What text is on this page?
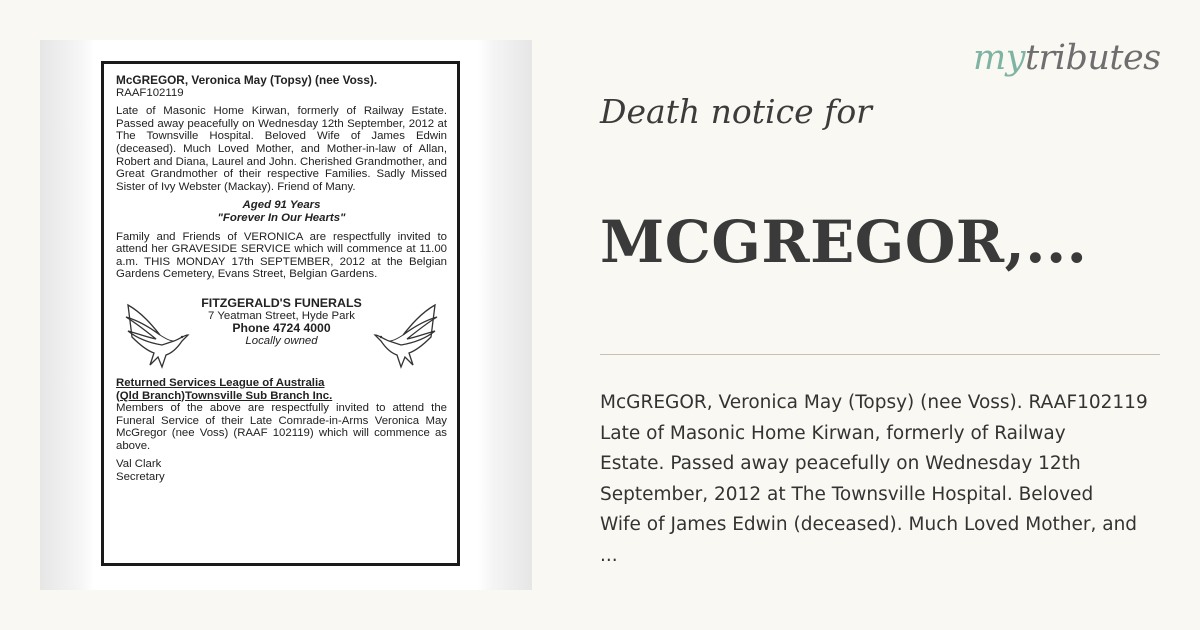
McGREGOR, Veronica May (Topsy) (nee Voss).

RAAF102119

Late of Masonic Home Kirwan, formerly of Railway Estate. Passed away peacefully on Wednesday 12th September, 2012 at The Townsville Hospital. Beloved Wife of James Edwin (deceased). Much Loved Mother, and Mother-in-law of Allan, Robert and Diana, Laurel and John. Cherished Grandmother, and Great Grandmother of their respective Families. Sadly Missed Sister of Ivy Webster (Mackay). Friend of Many.

Aged 91 Years

"Forever In Our Hearts"

Family and Friends of VERONICA are respectfully invited to attend her GRAVESIDE SERVICE which will commence at 11.00 a.m. THIS MONDAY 17th SEPTEMBER, 2012 at the Belgian Gardens Cemetery, Evans Street, Belgian Gardens.

FITZGERALD'S FUNERALS
7 Yeatman Street, Hyde Park
Phone 4724 4000
Locally owned

Returned Services League of Australia

(Qld Branch)Townsville Sub Branch Inc.

Members of the above are respectfully invited to attend the Funeral Service of their Late Comrade-in-Arms Veronica May McGregor (nee Voss) (RAAF 102119) which will commence as above.

Val Clark

Secretary

mytributes
Death notice for
MCGREGOR,...
McGREGOR, Veronica May (Topsy) (nee Voss). RAAF102119
Late of Masonic Home Kirwan, formerly of Railway
Estate. Passed away peacefully on Wednesday 12th
September, 2012 at The Townsville Hospital. Beloved
Wife of James Edwin (deceased). Much Loved Mother, and
...
